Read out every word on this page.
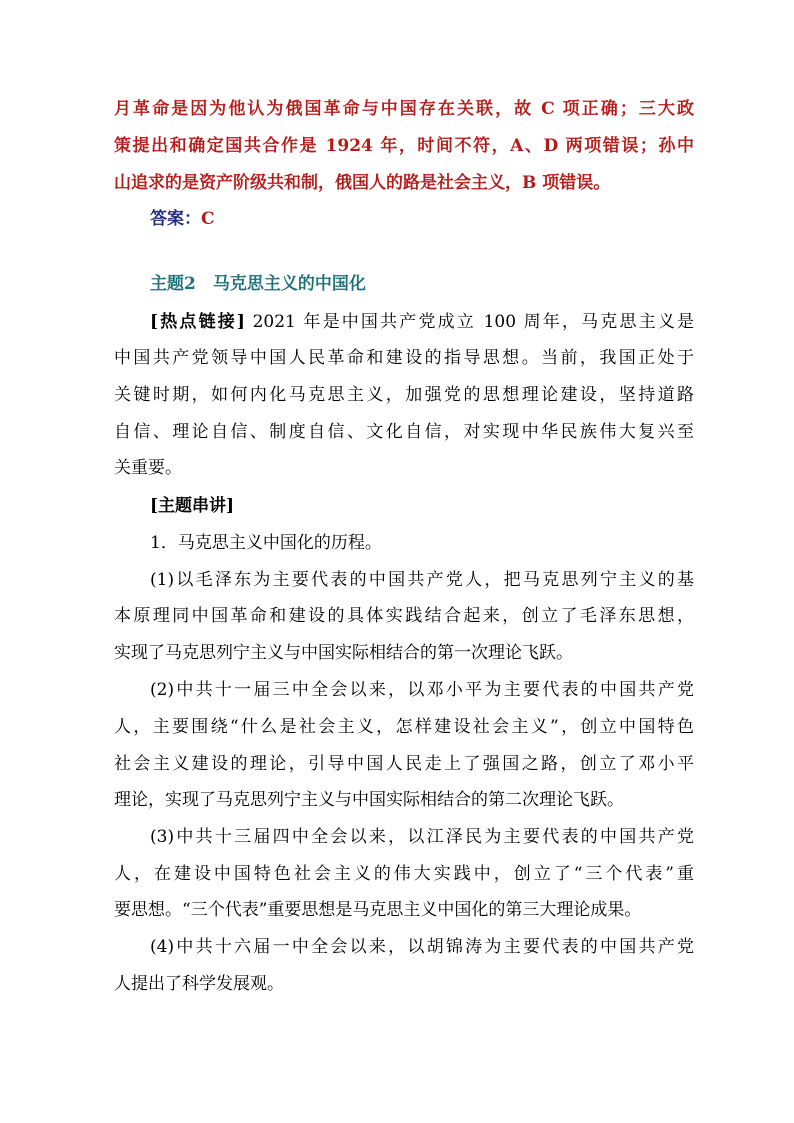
月革命是因为他认为俄国革命与中国存在关联，故 C 项正确；三大政
策提出和确定国共合作是 1924 年，时间不符，A、D 两项错误；孙中
山追求的是资产阶级共和制，俄国人的路是社会主义，B 项错误。
答案：C
主题2　马克思主义的中国化
[热点链接] 2021 年是中国共产党成立 100 周年，马克思主义是
中国共产党领导中国人民革命和建设的指导思想。当前，我国正处于
关键时期，如何内化马克思主义，加强党的思想理论建设，坚持道路
自信、理论自信、制度自信、文化自信，对实现中华民族伟大复兴至
关重要。
[主题串讲]
1．马克思主义中国化的历程。
(1)以毛泽东为主要代表的中国共产党人，把马克思列宁主义的基
本原理同中国革命和建设的具体实践结合起来，创立了毛泽东思想，
实现了马克思列宁主义与中国实际相结合的第一次理论飞跃。
(2)中共十一届三中全会以来，以邓小平为主要代表的中国共产党
人，主要围绕“什么是社会主义，怎样建设社会主义”，创立中国特色
社会主义建设的理论，引导中国人民走上了强国之路，创立了邓小平
理论，实现了马克思列宁主义与中国实际相结合的第二次理论飞跃。
(3)中共十三届四中全会以来，以江泽民为主要代表的中国共产党
人，在建设中国特色社会主义的伟大实践中，创立了“三个代表”重
要思想。“三个代表”重要思想是马克思主义中国化的第三大理论成果。
(4)中共十六届一中全会以来，以胡锦涛为主要代表的中国共产党
人提出了科学发展观。
